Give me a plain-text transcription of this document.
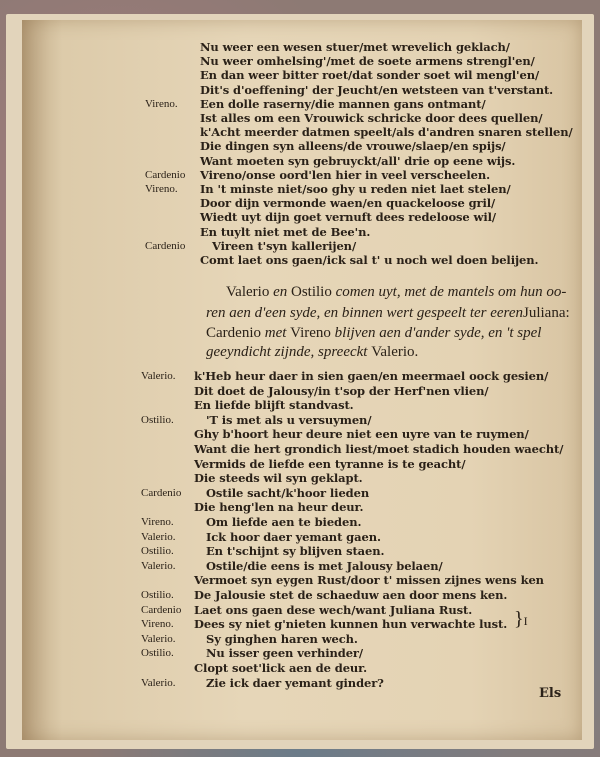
Nu weer een wesen stuer/met wrevelich geklach/
Nu weer omhelsing'/met de soete armens strengl'en/
En dan weer bitter roet/dat sonder soet wil mengl'en/
Dit's d'oeffening' der Jeucht/en wetsteen van t'verstant.
Vireno. Een dolle raserny/die mannen gans ontmant/
Ist alles om een Vrouwick schricke door dees quellen/
k'Acht meerder datmen speelt/als d'andren snaren stellen/
Die dingen syn alleens/de vrouwe/slaep/en spijs/
Want moeten syn gebruyckt/all' drie op eene wijs.
Cardenio Vireno/onse oord'len hier in veel verscheelen.
Vireno. In 't minste niet/soo ghy u reden niet laet stelen/
Door dijn vermonde waen/en quackeloose gril/
Wiedt uyt dijn goet vernuft dees redeloose wil/
En tuylt niet met de Bee'n.
Cardenio Vireen t'syn kallerijen/
Comt laet ons gaen/ick sal t' u noch wel doen belijen.
Valerio en Ostilio comen uyt, met de mantels om hun oo-
ren aen d'een syde, en binnen wert gespeelt ter eerenJuliana:
Cardenio met Vireno blijven aen d'ander syde, en 't spel
geeyndicht zijnde, spreeckt Valerio.
Valerio. k'Heb heur daer in sien gaen/en meermael oock gesien/
Dit doet de Jalousy/in t'sop der Herf'nen vlien/
En liefde blijft standvast.
Ostilio.	'T is met als u versuymen/
Ghy b'hoort heur deure niet een uyre van te ruymen/
Want die hert grondich liest/moet stadich houden waecht/
Vermids de liefde een tyranne is te geacht/
Die steeds wil syn geklapt.
Cardenio Ostile sacht/k'hoor lieden
Die heng'len na heur deur.
Vireno.	Om liefde aen te bieden.
Valerio.	Ick hoor daer yemant gaen.
Ostilio.	En t'schijnt sy blijven staen.
Valerio.	Ostile/die eens is met Jalousy belaen/
Vermoet syn eygen Rust/door t' missen zijnes wens ken
Ostilio. De Jalousie stet de schaeduw aen door mens ken.
Cardenio Laet ons gaen dese wech/want Juliana Rust.
Vireno. Dees sy niet g'nieten kunnen hun verwachte lust.
Valerio.	Sy ginghen haren wech.
Ostilio.	Nu isser geen verhinder/
Clopt soet'lick aen de deur.
Valerio.	Zie ick daer yemant ginder?
}I
Els
